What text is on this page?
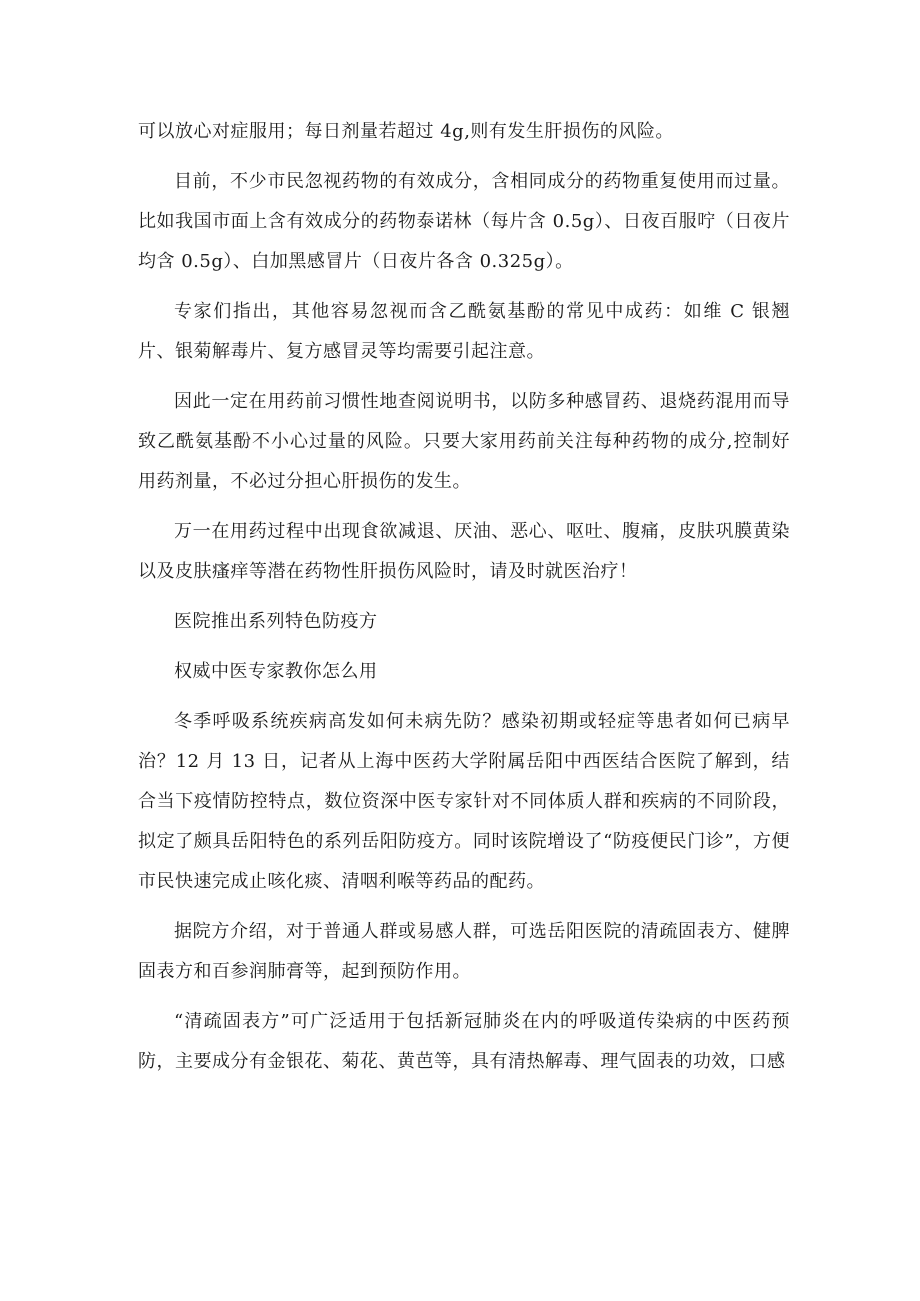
可以放心对症服用；每日剂量若超过 4g,则有发生肝损伤的风险。

目前，不少市民忽视药物的有效成分，含相同成分的药物重复使用而过量。比如我国市面上含有效成分的药物泰诺林（每片含 0.5g）、日夜百服咛（日夜片均含 0.5g）、白加黑感冒片（日夜片各含 0.325g）。

专家们指出，其他容易忽视而含乙酰氨基酚的常见中成药：如维 C 银翘片、银菊解毒片、复方感冒灵等均需要引起注意。

因此一定在用药前习惯性地查阅说明书，以防多种感冒药、退烧药混用而导致乙酰氨基酚不小心过量的风险。只要大家用药前关注每种药物的成分,控制好用药剂量，不必过分担心肝损伤的发生。

万一在用药过程中出现食欲减退、厌油、恶心、呕吐、腹痛，皮肤巩膜黄染以及皮肤瘙痒等潜在药物性肝损伤风险时，请及时就医治疗！

医院推出系列特色防疫方

权威中医专家教你怎么用

冬季呼吸系统疾病高发如何未病先防？感染初期或轻症等患者如何已病早治？12 月 13 日，记者从上海中医药大学附属岳阳中西医结合医院了解到，结合当下疫情防控特点，数位资深中医专家针对不同体质人群和疾病的不同阶段，拟定了颇具岳阳特色的系列岳阳防疫方。同时该院增设了“防疫便民门诊”，方便市民快速完成止咳化痰、清咽利喉等药品的配药。

据院方介绍，对于普通人群或易感人群，可选岳阳医院的清疏固表方、健脾固表方和百参润肺膏等，起到预防作用。

“清疏固表方”可广泛适用于包括新冠肺炎在内的呼吸道传染病的中医药预防，主要成分有金银花、菊花、黄芭等，具有清热解毒、理气固表的功效，口感
